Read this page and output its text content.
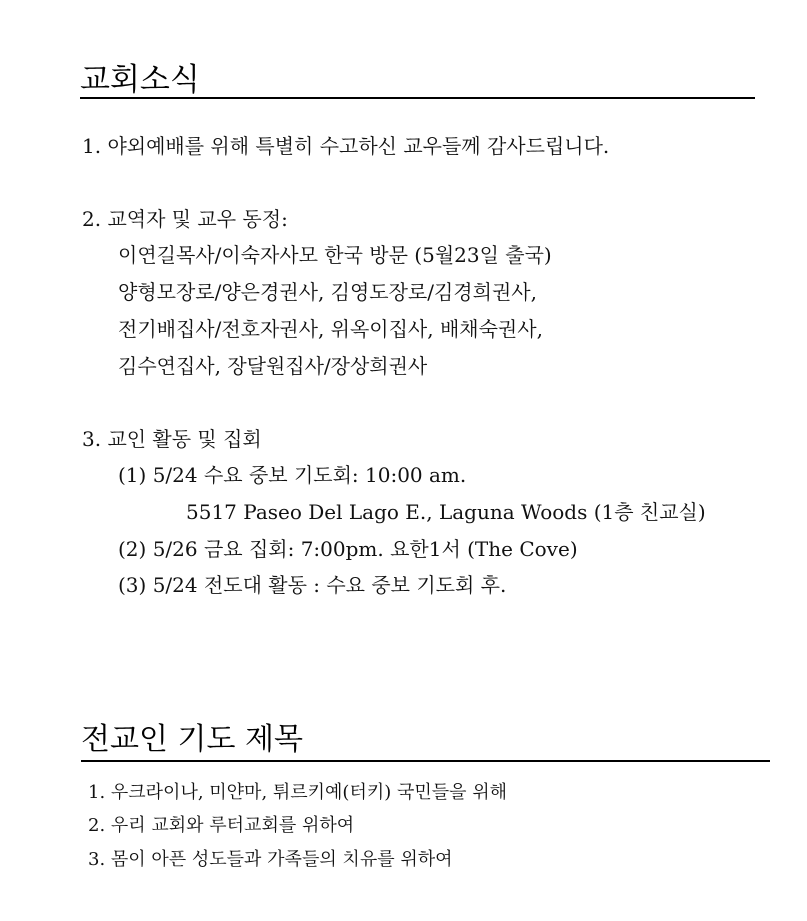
교회소식

1. 야외예배를 위해 특별히 수고하신 교우들께 감사드립니다.

2. 교역자 및 교우 동정:

이연길목사/이숙자사모 한국 방문 (5월23일 출국)

양형모장로/양은경권사, 김영도장로/김경희권사,

전기배집사/전호자권사, 위옥이집사, 배채숙권사,

김수연집사, 장달원집사/장상희권사

3. 교인 활동 및 집회

(1) 5/24 수요 중보 기도회: 10:00 am.

5517 Paseo Del Lago E., Laguna Woods (1층 친교실)

(2) 5/26 금요 집회: 7:00pm. 요한1서 (The Cove)

(3) 5/24 전도대 활동 : 수요 중보 기도회 후.

전교인 기도 제목

1. 우크라이나, 미얀마, 튀르키예(터키) 국민들을 위해

2. 우리 교회와 루터교회를 위하여

3. 몸이 아픈 성도들과 가족들의 치유를 위하여
